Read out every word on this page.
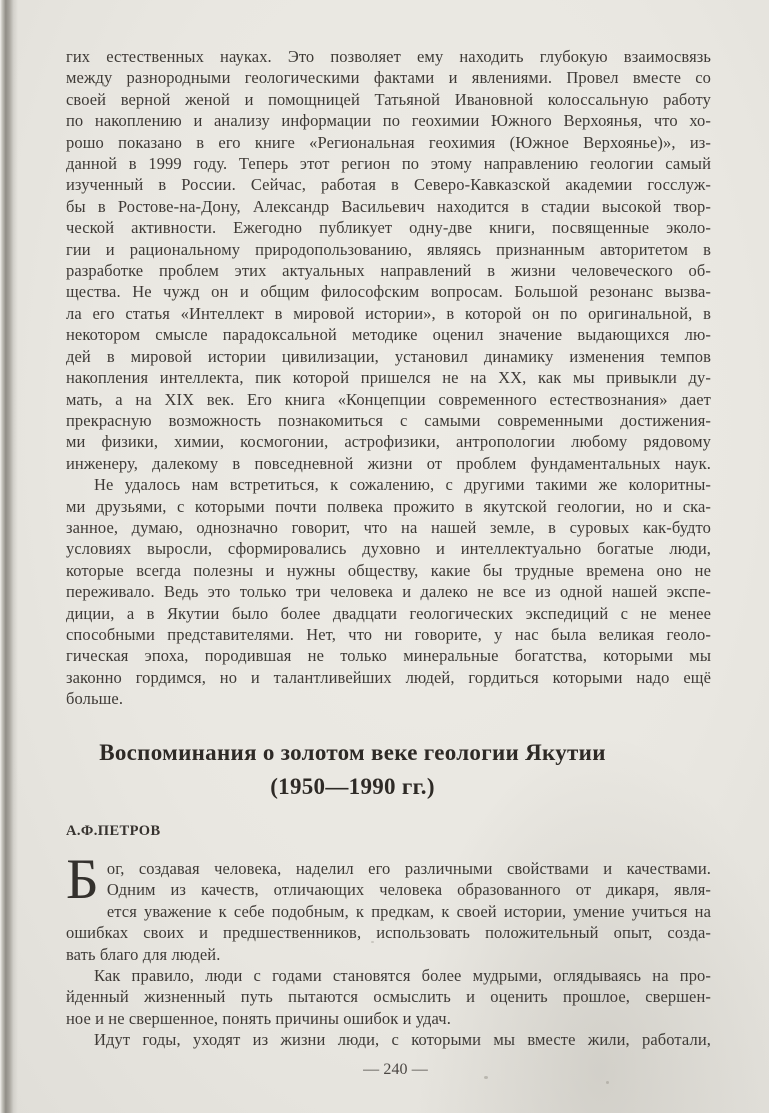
гих естественных науках. Это позволяет ему находить глубокую взаимосвязь
между разнородными геологическими фактами и явлениями. Провел вместе со
своей верной женой и помощницей Татьяной Ивановной колоссальную работу
по накоплению и анализу информации по геохимии Южного Верхоянья, что хо-
рошо показано в его книге «Региональная геохимия (Южное Верхоянье)», из-
данной в 1999 году. Теперь этот регион по этому направлению геологии самый
изученный в России. Сейчас, работая в Северо-Кавказской академии госслуж-
бы в Ростове-на-Дону, Александр Васильевич находится в стадии высокой твор-
ческой активности. Ежегодно публикует одну-две книги, посвященные эколо-
гии и рациональному природопользованию, являясь признанным авторитетом в
разработке проблем этих актуальных направлений в жизни человеческого об-
щества. Не чужд он и общим философским вопросам. Большой резонанс вызва-
ла его статья «Интеллект в мировой истории», в которой он по оригинальной, в
некотором смысле парадоксальной методике оценил значение выдающихся лю-
дей в мировой истории цивилизации, установил динамику изменения темпов
накопления интеллекта, пик которой пришелся не на XX, как мы привыкли ду-
мать, а на XIX век. Его книга «Концепции современного естествознания» дает
прекрасную возможность познакомиться с самыми современными достижения-
ми физики, химии, космогонии, астрофизики, антропологии любому рядовому
инженеру, далекому в повседневной жизни от проблем фундаментальных наук.
Не удалось нам встретиться, к сожалению, с другими такими же колоритны-
ми друзьями, с которыми почти полвека прожито в якутской геологии, но и ска-
занное, думаю, однозначно говорит, что на нашей земле, в суровых как-будто
условиях выросли, сформировались духовно и интеллектуально богатые люди,
которые всегда полезны и нужны обществу, какие бы трудные времена оно не
переживало. Ведь это только три человека и далеко не все из одной нашей экспе-
диции, а в Якутии было более двадцати геологических экспедиций с не менее
способными представителями. Нет, что ни говорите, у нас была великая геоло-
гическая эпоха, породившая не только минеральные богатства, которыми мы
законно гордимся, но и талантливейших людей, гордиться которыми надо ещё
больше.
Воспоминания о золотом веке геологии Якутии
(1950—1990 гг.)
А.Ф.ПЕТРОВ
Б ог, создавая человека, наделил его различными свойствами и качествами.
Одним из качеств, отличающих человека образованного от дикаря, явля-
ется уважение к себе подобным, к предкам, к своей истории, умение учиться на
ошибках своих и предшественников, использовать положительный опыт, созда-
вать благо для людей.
Как правило, люди с годами становятся более мудрыми, оглядываясь на про-
йденный жизненный путь пытаются осмыслить и оценить прошлое, свершен-
ное и не свершенное, понять причины ошибок и удач.
Идут годы, уходят из жизни люди, с которыми мы вместе жили, работали,
— 240 —
